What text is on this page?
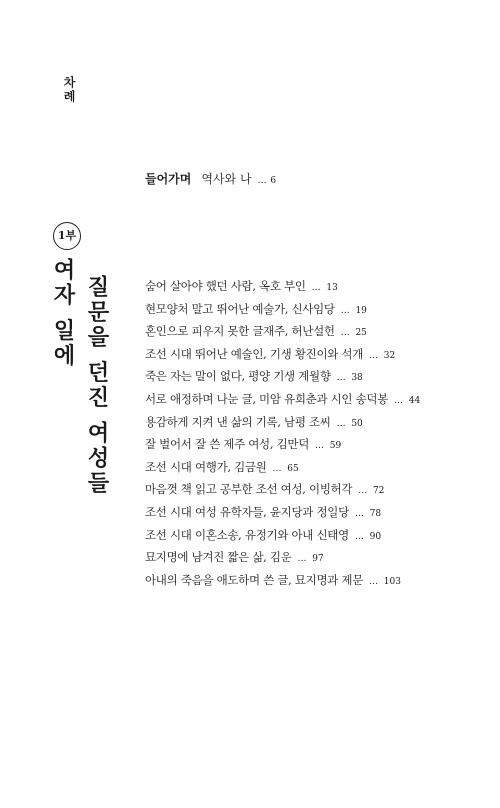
차례
들어가며 역사와 나 … 6
1부
여자 일에 질문을 던진 여성들	숨어 살아야 했던 사람, 옥호 부인 … 13
현모양처 말고 뛰어난 예술가, 신사임당 … 19
혼인으로 피우지 못한 글재주, 허난설헌 … 25
조선 시대 뛰어난 예술인, 기생 황진이와 석개 … 32
죽은 자는 말이 없다, 평양 기생 계월향 … 38
서로 애정하며 나눈 글, 미암 유희춘과 시인 송덕봉 … 44
용감하게 지켜 낸 삶의 기록, 남평 조씨 … 50
잘 벌어서 잘 쓴 제주 여성, 김만덕 … 59
조선 시대 여행가, 김금원 … 65
마음껏 책 읽고 공부한 조선 여성, 이빙허각 … 72
조선 시대 여성 유학자들, 윤지당과 정일당 … 78
조선 시대 이혼소송, 유정기와 아내 신태영 … 90
묘지명에 남겨진 짧은 삶, 김운 … 97
아내의 죽음을 애도하며 쓴 글, 묘지명과 제문 … 103
